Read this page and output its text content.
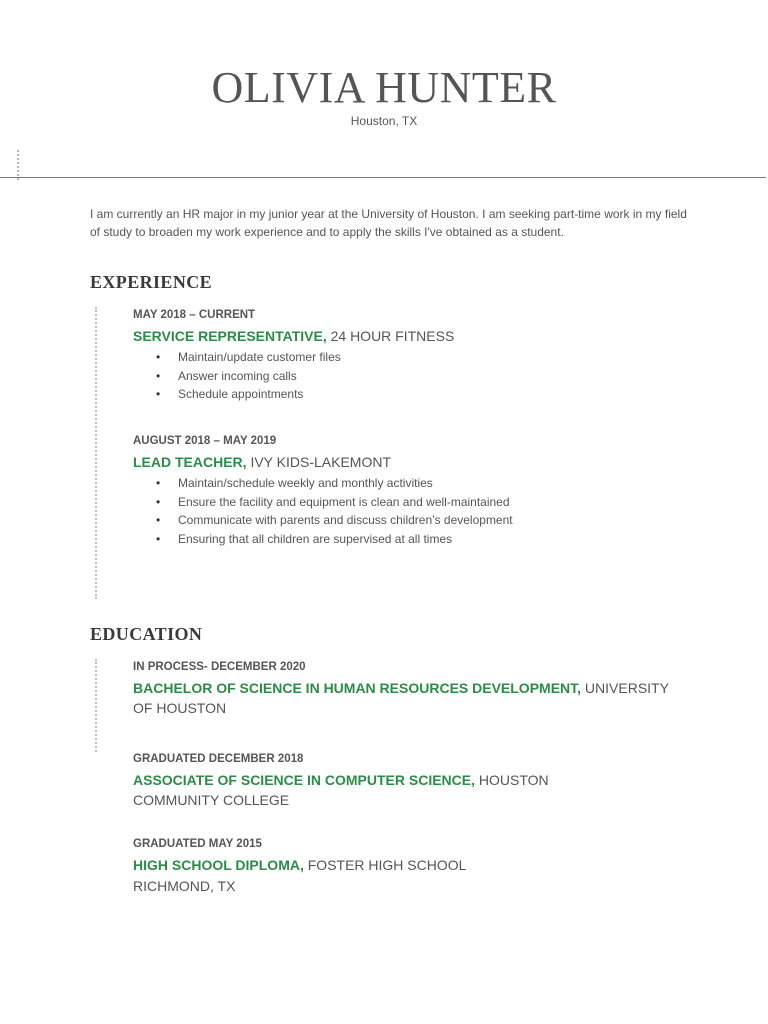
OLIVIA HUNTER
Houston, TX
I am currently an HR major in my junior year at the University of Houston. I am seeking part-time work in my field of study to broaden my work experience and to apply the skills I've obtained as a student.
EXPERIENCE
MAY 2018 – CURRENT
SERVICE REPRESENTATIVE, 24 HOUR FITNESS
• Maintain/update customer files
• Answer incoming calls
• Schedule appointments
AUGUST 2018 – MAY 2019
LEAD TEACHER, IVY KIDS-LAKEMONT
• Maintain/schedule weekly and monthly activities
• Ensure the facility and equipment is clean and well-maintained
• Communicate with parents and discuss children’s development
• Ensuring that all children are supervised at all times
EDUCATION
IN PROCESS- DECEMBER 2020
BACHELOR OF SCIENCE IN HUMAN RESOURCES DEVELOPMENT, UNIVERSITY OF HOUSTON
GRADUATED DECEMBER 2018
ASSOCIATE OF SCIENCE IN COMPUTER SCIENCE, HOUSTON COMMUNITY COLLEGE
GRADUATED MAY 2015
HIGH SCHOOL DIPLOMA, FOSTER HIGH SCHOOL
RICHMOND, TX
